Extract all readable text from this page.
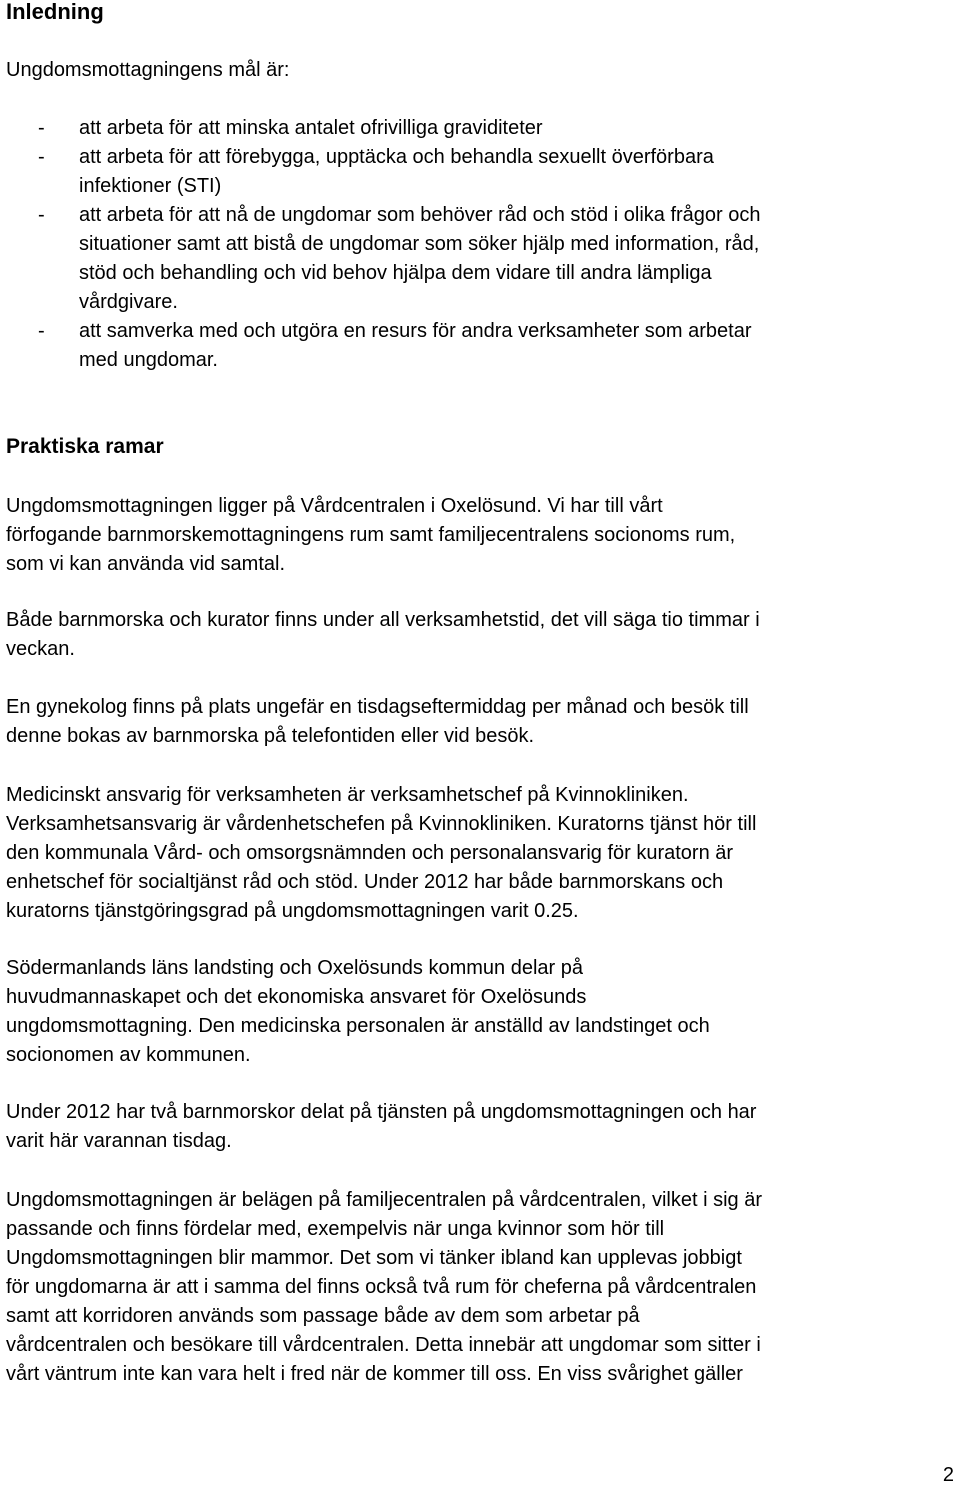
Inledning
Ungdomsmottagningens mål är:
- att arbeta för att minska antalet ofrivilliga graviditeter
- att arbeta för att förebygga, upptäcka och behandla sexuellt överförbara
infektioner (STI)
- att arbeta för att nå de ungdomar som behöver råd och stöd i olika frågor och
situationer samt att bistå de ungdomar som söker hjälp med information, råd,
stöd och behandling och vid behov hjälpa dem vidare till andra lämpliga
vårdgivare.
- att samverka med och utgöra en resurs för andra verksamheter som arbetar
med ungdomar.
Praktiska ramar
Ungdomsmottagningen ligger på Vårdcentralen i Oxelösund. Vi har till vårt
förfogande barnmorskemottagningens rum samt familjecentralens socionoms rum,
som vi kan använda vid samtal.
Både barnmorska och kurator finns under all verksamhetstid, det vill säga tio timmar i
veckan.
En gynekolog finns på plats ungefär en tisdagseftermiddag per månad och besök till
denne bokas av barnmorska på telefontiden eller vid besök.
Medicinskt ansvarig för verksamheten är verksamhetschef på Kvinnokliniken.
Verksamhetsansvarig är vårdenhetschefen på Kvinnokliniken. Kuratorns tjänst hör till
den kommunala Vård- och omsorgsnämnden och personalansvarig för kuratorn är
enhetschef för socialtjänst råd och stöd. Under 2012 har både barnmorskans och
kuratorns tjänstgöringsgrad på ungdomsmottagningen varit 0.25.
Södermanlands läns landsting och Oxelösunds kommun delar på
huvudmannaskapet och det ekonomiska ansvaret för Oxelösunds
ungdomsmottagning. Den medicinska personalen är anställd av landstinget och
socionomen av kommunen.
Under 2012 har två barnmorskor delat på tjänsten på ungdomsmottagningen och har
varit här varannan tisdag.
Ungdomsmottagningen är belägen på familjecentralen på vårdcentralen, vilket i sig är
passande och finns fördelar med, exempelvis när unga kvinnor som hör till
Ungdomsmottagningen blir mammor. Det som vi tänker ibland kan upplevas jobbigt
för ungdomarna är att i samma del finns också två rum för cheferna på vårdcentralen
samt att korridoren används som passage både av dem som arbetar på
vårdcentralen och besökare till vårdcentralen. Detta innebär att ungdomar som sitter i
vårt väntrum inte kan vara helt i fred när de kommer till oss. En viss svårighet gäller
2
